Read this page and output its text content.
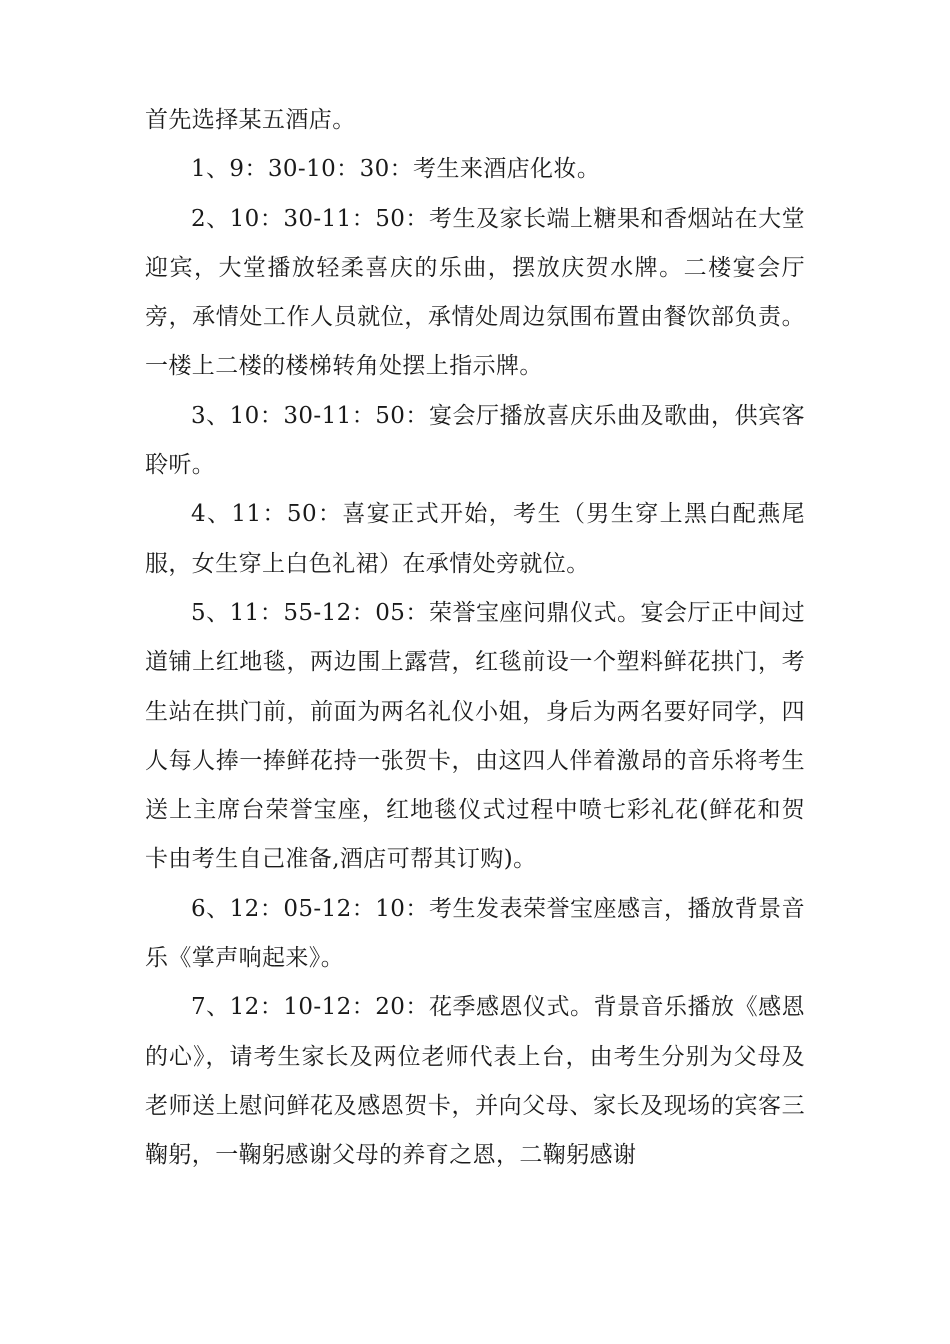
首先选择某五酒店。

1、9：30-10：30：考生来酒店化妆。

2、10：30-11：50：考生及家长端上糖果和香烟站在大堂迎宾，大堂播放轻柔喜庆的乐曲，摆放庆贺水牌。二楼宴会厅旁，承情处工作人员就位，承情处周边氛围布置由餐饮部负责。一楼上二楼的楼梯转角处摆上指示牌。

3、10：30-11：50：宴会厅播放喜庆乐曲及歌曲，供宾客聆听。

4、11：50：喜宴正式开始，考生（男生穿上黑白配燕尾服，女生穿上白色礼裙）在承情处旁就位。

5、11：55-12：05：荣誉宝座问鼎仪式。宴会厅正中间过道铺上红地毯，两边围上露营，红毯前设一个塑料鲜花拱门，考生站在拱门前，前面为两名礼仪小姐，身后为两名要好同学，四人每人捧一捧鲜花持一张贺卡，由这四人伴着激昂的音乐将考生送上主席台荣誉宝座，红地毯仪式过程中喷七彩礼花(鲜花和贺卡由考生自己准备,酒店可帮其订购)。

6、12：05-12：10：考生发表荣誉宝座感言，播放背景音乐《掌声响起来》。

7、12：10-12：20：花季感恩仪式。背景音乐播放《感恩的心》，请考生家长及两位老师代表上台，由考生分别为父母及老师送上慰问鲜花及感恩贺卡，并向父母、家长及现场的宾客三鞠躬，一鞠躬感谢父母的养育之恩，二鞠躬感谢
